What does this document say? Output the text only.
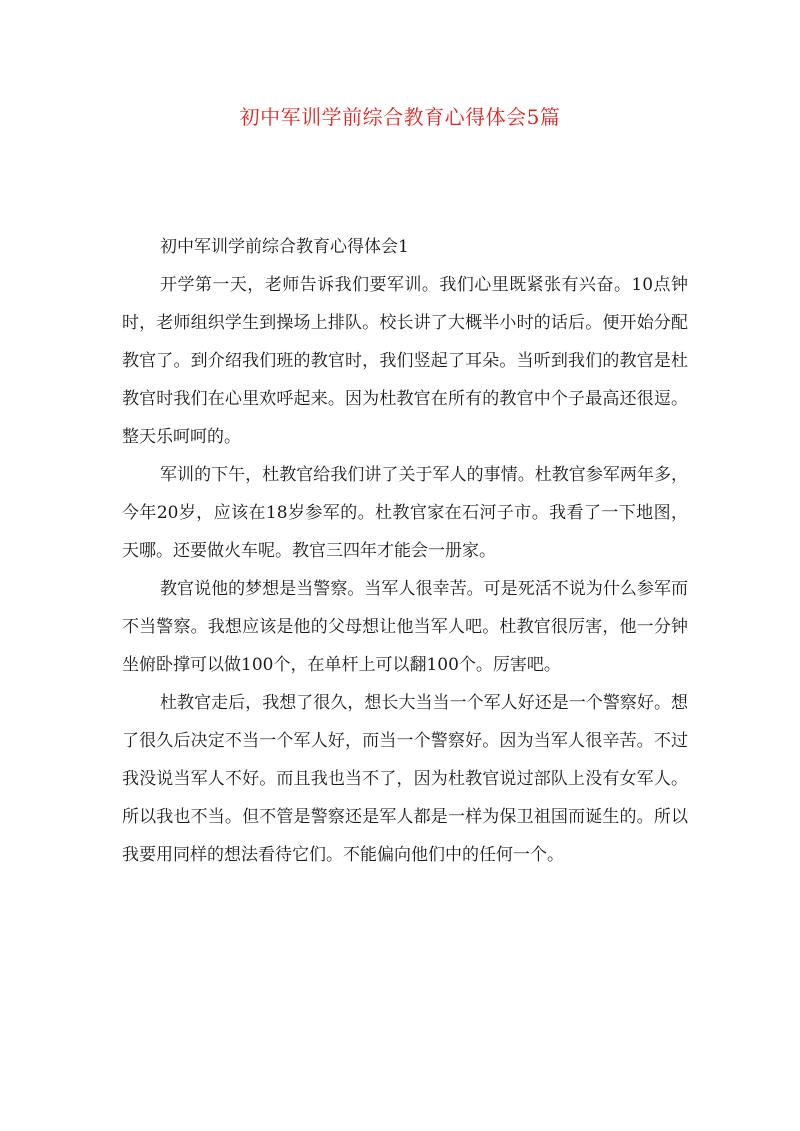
初中军训学前综合教育心得体会5篇

初中军训学前综合教育心得体会1

开学第一天，老师告诉我们要军训。我们心里既紧张有兴奋。10点钟时，老师组织学生到操场上排队。校长讲了大概半小时的话后。便开始分配教官了。到介绍我们班的教官时，我们竖起了耳朵。当听到我们的教官是杜教官时我们在心里欢呼起来。因为杜教官在所有的教官中个子最高还很逗。整天乐呵呵的。

军训的下午，杜教官给我们讲了关于军人的事情。杜教官参军两年多，今年20岁，应该在18岁参军的。杜教官家在石河子市。我看了一下地图，天哪。还要做火车呢。教官三四年才能会一册家。

教官说他的梦想是当警察。当军人很幸苦。可是死活不说为什么参军而不当警察。我想应该是他的父母想让他当军人吧。杜教官很厉害，他一分钟坐俯卧撑可以做100个，在单杆上可以翻100个。厉害吧。

杜教官走后，我想了很久，想长大当当一个军人好还是一个警察好。想了很久后决定不当一个军人好，而当一个警察好。因为当军人很辛苦。不过我没说当军人不好。而且我也当不了，因为杜教官说过部队上没有女军人。所以我也不当。但不管是警察还是军人都是一样为保卫祖国而诞生的。所以我要用同样的想法看待它们。不能偏向他们中的任何一个。
